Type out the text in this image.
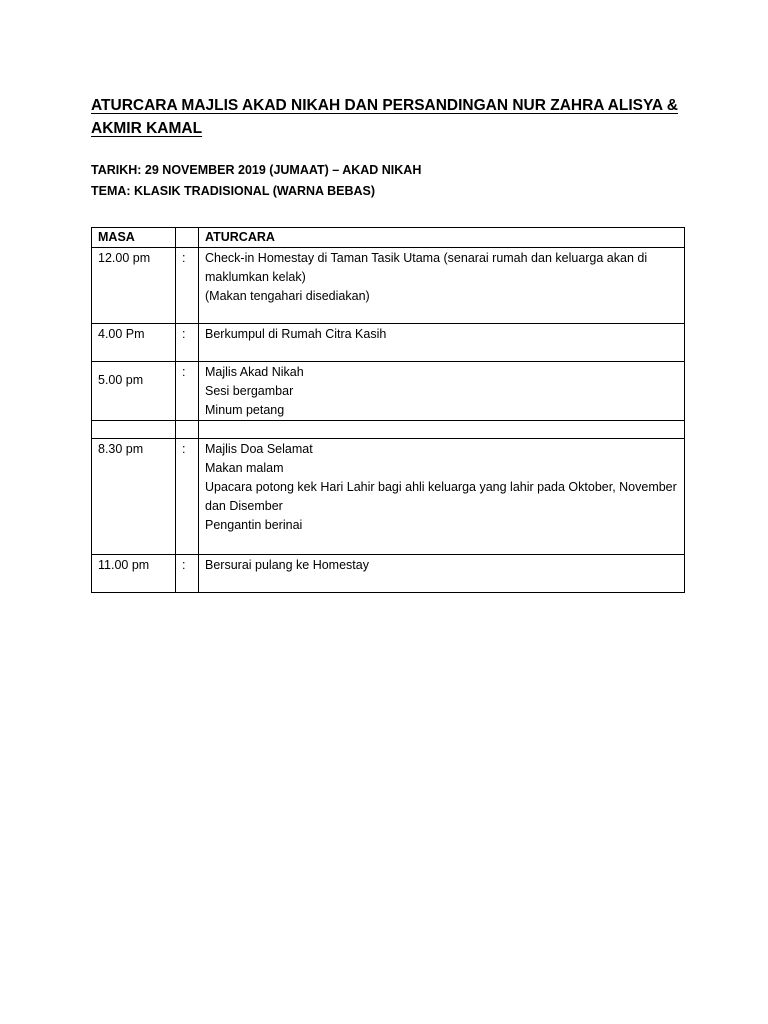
ATURCARA MAJLIS AKAD NIKAH DAN PERSANDINGAN NUR ZAHRA ALISYA & AKMIR KAMAL
TARIKH: 29 NOVEMBER 2019 (JUMAAT) – AKAD NIKAH
TEMA: KLASIK TRADISIONAL (WARNA BEBAS)
MASA		ATURCARA
12.00 pm	:	Check-in Homestay di Taman Tasik Utama (senarai rumah dan keluarga akan di maklumkan kelak)
(Makan tengahari disediakan)

4.00 Pm	:	Berkumpul di Rumah Citra Kasih

5.00 pm	:	Majlis Akad Nikah
Sesi bergambar
Minum petang

8.30 pm	:	Majlis Doa Selamat
Makan malam
Upacara potong kek Hari Lahir bagi ahli keluarga yang lahir pada Oktober, November dan Disember
Pengantin berinai

11.00 pm	:	Bersurai pulang ke Homestay
